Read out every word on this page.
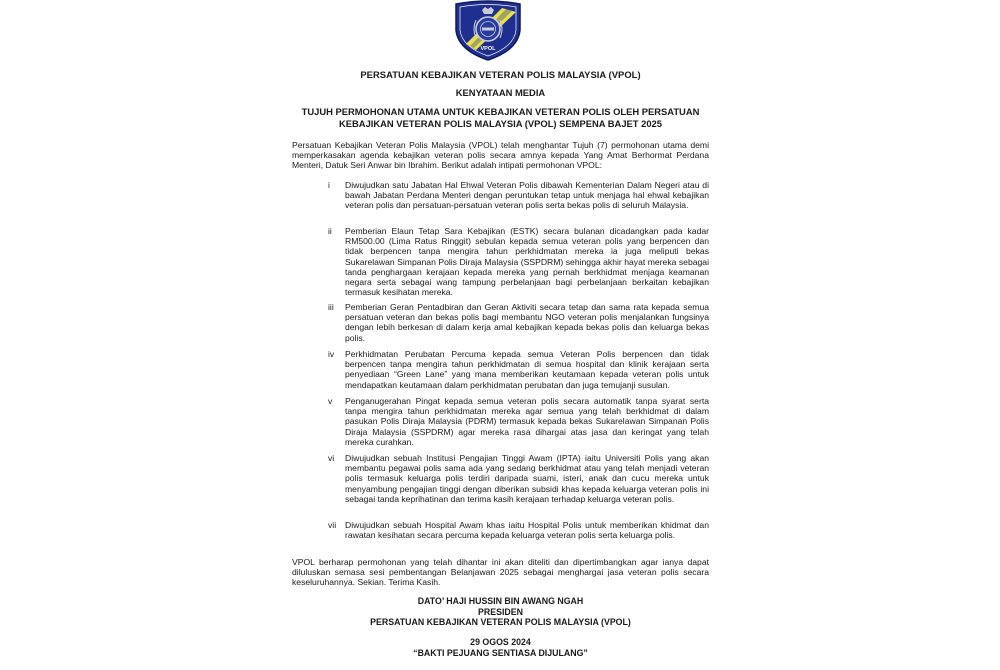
VPOL
PERSATUAN KEBAJIKAN VETERAN POLIS MALAYSIA (VPOL)
KENYATAAN MEDIA
TUJUH PERMOHONAN UTAMA UNTUK KEBAJIKAN VETERAN POLIS OLEH PERSATUAN
KEBAJIKAN VETERAN POLIS MALAYSIA (VPOL) SEMPENA BAJET 2025

Persatuan Kebajikan Veteran Polis Malaysia (VPOL) telah menghantar Tujuh (7) permohonan utama demi memperkasakan agenda kebajikan veteran polis secara amnya kepada Yang Amat Berhormat Perdana Menteri, Datuk Seri Anwar bin Ibrahim. Berikut adalah intipati permohonan VPOL:

i	Diwujudkan satu Jabatan Hal Ehwal Veteran Polis dibawah Kementerian Dalam Negeri atau di bawah Jabatan Perdana Menteri dengan peruntukan tetap untuk menjaga hal ehwal kebajikan veteran polis dan persatuan-persatuan veteran polis serta bekas polis di seluruh Malaysia.
ii	Pemberian Elaun Tetap Sara Kebajikan (ESTK) secara bulanan dicadangkan pada kadar RM500.00 (Lima Ratus Ringgit) sebulan kepada semua veteran polis yang berpencen dan tidak berpencen tanpa mengira tahun perkhidmatan mereka ia juga meliputi bekas Sukarelawan Simpanan Polis Diraja Malaysia (SSPDRM) sehingga akhir hayat mereka sebagai tanda penghargaan kerajaan kepada mereka yang pernah berkhidmat menjaga keamanan negara serta sebagai wang tampung perbelanjaan bagi perbelanjaan berkaitan kebajikan termasuk kesihatan mereka.
iii	Pemberian Geran Pentadbiran dan Geran Aktiviti secara tetap dan sama rata kepada semua persatuan veteran dan bekas polis bagi membantu NGO veteran polis menjalankan fungsinya dengan lebih berkesan di dalam kerja amal kebajikan kepada bekas polis dan keluarga bekas polis.
iv	Perkhidmatan Perubatan Percuma kepada semua Veteran Polis berpencen dan tidak berpencen tanpa mengira tahun perkhidmatan di semua hospital dan klinik kerajaan serta penyediaan “Green Lane” yang mana memberikan keutamaan kepada veteran polis untuk mendapatkan keutamaan dalam perkhidmatan perubatan dan juga temujanji susulan.
v	Penganugerahan Pingat kepada semua veteran polis secara automatik tanpa syarat serta tanpa mengira tahun perkhidmatan mereka agar semua yang telah berkhidmat di dalam pasukan Polis Diraja Malaysia (PDRM) termasuk kepada bekas Sukarelawan Simpanan Polis Diraja Malaysia (SSPDRM) agar mereka rasa dihargai atas jasa dan keringat yang telah mereka curahkan.
vi	Diwujudkan sebuah Institusi Pengajian Tinggi Awam (IPTA) iaitu Universiti Polis yang akan membantu pegawai polis sama ada yang sedang berkhidmat atau yang telah menjadi veteran polis termasuk keluarga polis terdiri daripada suami, isteri, anak dan cucu mereka untuk menyambung pengajian tinggi dengan diberikan subsidi khas kepada keluarga veteran polis ini sebagai tanda keprihatinan dan terima kasih kerajaan terhadap keluarga veteran polis.
vii	Diwujudkan sebuah Hospital Awam khas iaitu Hospital Polis untuk memberikan khidmat dan rawatan kesihatan secara percuma kepada keluarga veteran polis serta keluarga polis.

VPOL berharap permohonan yang telah dihantar ini akan diteliti dan dipertimbangkan agar ianya dapat diluluskan semasa sesi pembentangan Belanjawan 2025 sebagai menghargai jasa veteran polis secara keseluruhannya. Sekian. Terima Kasih.

DATO’ HAJI HUSSIN BIN AWANG NGAH
PRESIDEN
PERSATUAN KEBAJIKAN VETERAN POLIS MALAYSIA (VPOL)
29 OGOS 2024
“BAKTI PEJUANG SENTIASA DIJULANG”
